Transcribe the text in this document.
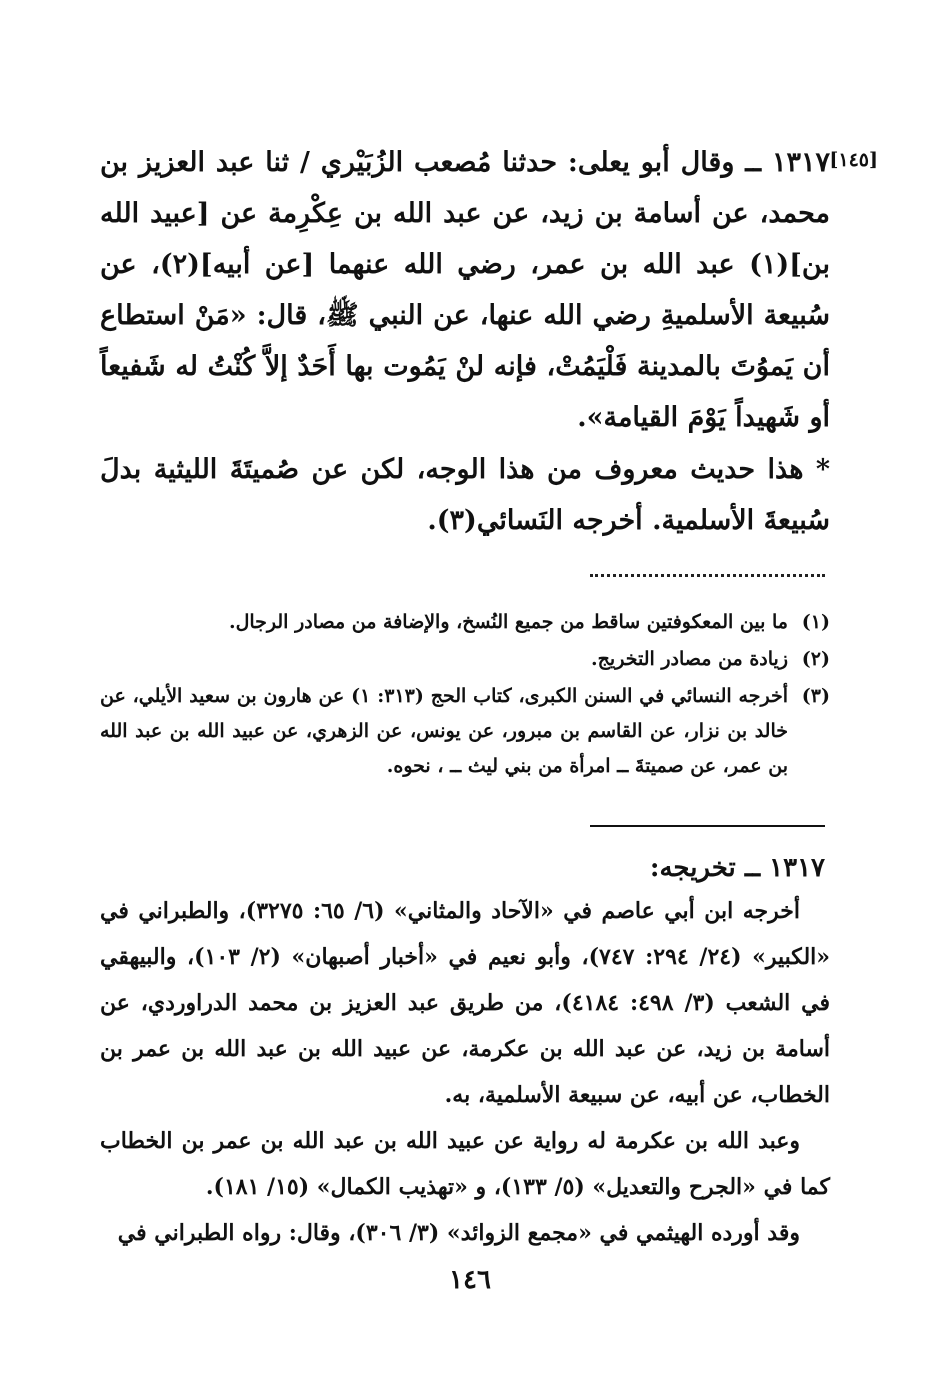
[١٤٥]
١٣١٧ ــ وقال أبو يعلى: حدثنا مُصعب الزُبَيْري / ثنا عبد العزيز بن محمد، عن أسامة بن زيد، عن عبد الله بن عِكْرِمة عن [عبيد الله بن](١) عبد الله بن عمر، رضي الله عنهما [عن أبيه](٢)، عن سُبيعة الأسلميةِ رضي الله عنها، عن النبي ﷺ، قال: «مَنْ استطاع أن يَموُتَ بالمدينة فَلْيَمُتْ، فإنه لنْ يَمُوت بها أَحَدٌ إلاَّ كُنْتُ له شَفيعاً أو شَهيداً يَوْمَ القيامة».
* هذا حديث معروف من هذا الوجه، لكن عن صُميتَةَ الليثية بدلَ سُبيعةَ الأسلمية. أخرجه النَسائي(٣).
(١)
ما بين المعكوفتين ساقط من جميع النُسخ، والإضافة من مصادر الرجال.
(٢)
زيادة من مصادر التخريج.
(٣)
أخرجه النسائي في السنن الكبرى، كتاب الحج (٣١٣: ١) عن هارون بن سعيد الأيلي، عن خالد بن نزار، عن القاسم بن مبرور، عن يونس، عن الزهري، عن عبيد الله بن عبد الله بن عمر، عن صميتةَ ــ امرأة من بني ليث ــ ، نحوه.
١٣١٧ ــ تخريجه:

أخرجه ابن أبي عاصم في «الآحاد والمثاني» (٦/ ٦٥: ٣٢٧٥)، والطبراني في «الكبير» (٢٤/ ٢٩٤: ٧٤٧)، وأبو نعيم في «أخبار أصبهان» (٢/ ١٠٣)، والبيهقي في الشعب (٣/ ٤٩٨: ٤١٨٤)، من طريق عبد العزيز بن محمد الدراوردي، عن أسامة بن زيد، عن عبد الله بن عكرمة، عن عبيد الله بن عبد الله بن عمر بن الخطاب، عن أبيه، عن سبيعة الأسلمية، به.

وعبد الله بن عكرمة له رواية عن عبيد الله بن عبد الله بن عمر بن الخطاب كما في «الجرح والتعديل» (٥/ ١٣٣)، و «تهذيب الكمال» (١٥/ ١٨١).

وقد أورده الهيثمي في «مجمع الزوائد» (٣/ ٣٠٦)، وقال: رواه الطبراني في

١٤٦
